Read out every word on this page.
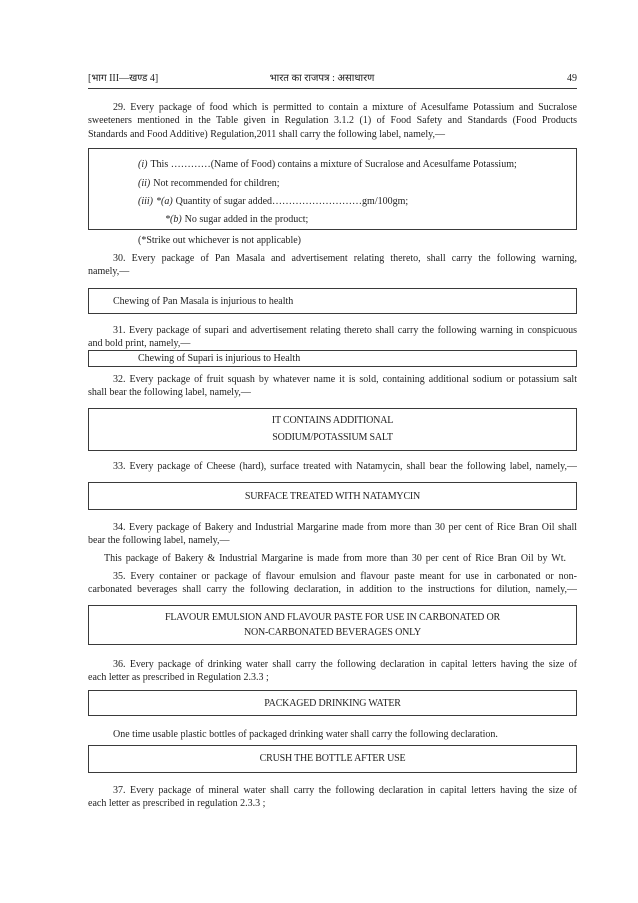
[भाग III—खण्ड 4]	भारत का राजपत्र : असाधारण	49
29. Every package of food which is permitted to contain a mixture of Acesulfame Potassium and Sucralose
sweeteners mentioned in the Table given in Regulation 3.1.2 (1) of Food Safety and Standards (Food Products
Standards and Food Additive) Regulation,2011 shall carry the following label, namely,—
(i) This …………(Name of Food) contains a mixture of Sucralose and Acesulfame Potassium;
(ii) Not recommended for children;
(iii) *(a) Quantity of sugar added………………………gm/100gm;
*(b) No sugar added in the product;
(*Strike out whichever is not applicable)
30. Every package of Pan Masala and advertisement relating thereto, shall carry the following warning,
namely,—
Chewing of Pan Masala is injurious to health
31. Every package of supari and advertisement relating thereto shall carry the following warning in conspicuous
and bold print, namely,—
Chewing of Supari is injurious to Health
32. Every package of fruit squash by whatever name it is sold, containing additional sodium or potassium salt
shall bear the following label, namely,—
IT CONTAINS ADDITIONAL
SODIUM/POTASSIUM SALT
33. Every package of Cheese (hard), surface treated with Natamycin, shall bear the following label, namely,—
SURFACE TREATED WITH NATAMYCIN
34. Every package of Bakery and Industrial Margarine made from more than 30 per cent of Rice Bran Oil shall
bear the following label, namely,—
This package of Bakery & Industrial Margarine is made from more than 30 per cent of Rice Bran Oil by Wt.
35. Every container or package of flavour emulsion and flavour paste meant for use in carbonated or non-
carbonated beverages shall carry the following declaration, in addition to the instructions for dilution, namely,—
FLAVOUR EMULSION AND FLAVOUR PASTE FOR USE IN CARBONATED OR
NON-CARBONATED BEVERAGES ONLY
36. Every package of drinking water shall carry the following declaration in capital letters having the size of
each letter as prescribed in Regulation 2.3.3 ;
PACKAGED DRINKING WATER
One time usable plastic bottles of packaged drinking water shall carry the following declaration.
CRUSH THE BOTTLE AFTER USE
37. Every package of mineral water shall carry the following declaration in capital letters having the size of
each letter as prescribed in regulation 2.3.3 ;
